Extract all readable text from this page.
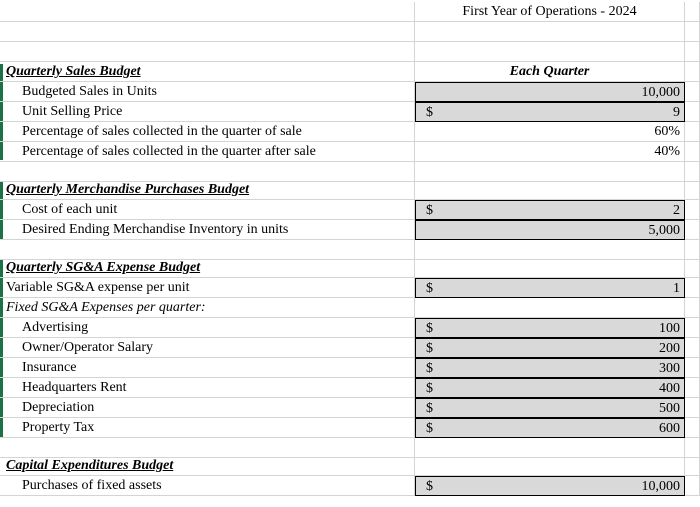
First Year of Operations - 2024
Quarterly Sales Budget	Each Quarter
Budgeted Sales in Units	10,000
Unit Selling Price	$	9
Percentage of sales collected in the quarter of sale	60%
Percentage of sales collected in the quarter after sale	40%
Quarterly Merchandise Purchases Budget
Cost of each unit	$	2
Desired Ending Merchandise Inventory in units	5,000
Quarterly SG&A Expense Budget
Variable SG&A expense per unit	$	1
Fixed SG&A Expenses per quarter:
Advertising	$	100
Owner/Operator Salary	$	200
Insurance	$	300
Headquarters Rent	$	400
Depreciation	$	500
Property Tax	$	600
Capital Expenditures Budget
Purchases of fixed assets	$	10,000
